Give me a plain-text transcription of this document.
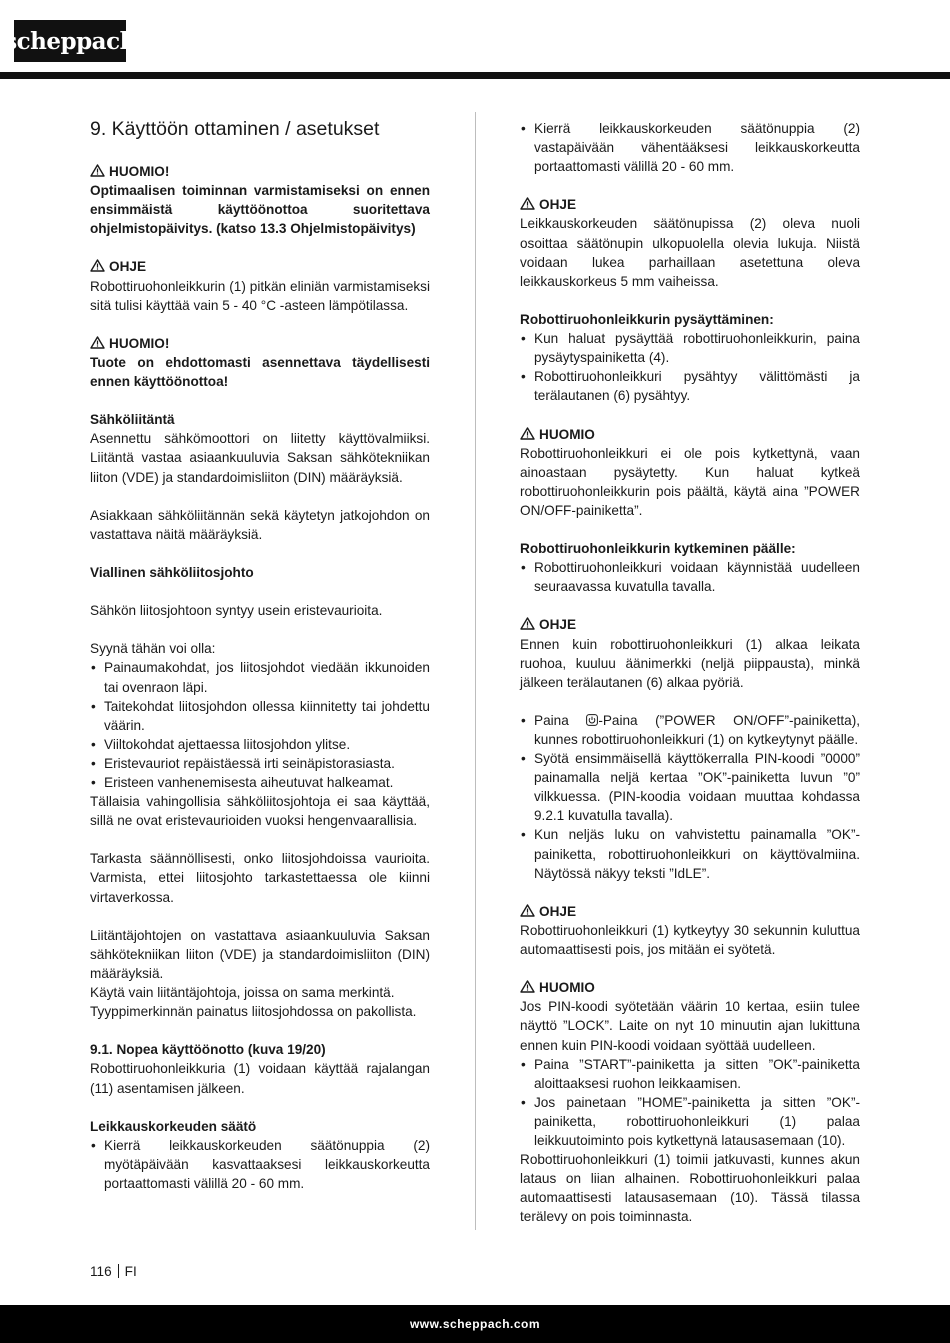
scheppach
9. Käyttöön ottaminen / asetukset

HUOMIO!

Optimaalisen toiminnan varmistamiseksi on ennen ensimmäistä käyttöönottoa suoritettava ohjelmistopäivitys. (katso 13.3 Ohjelmistopäivitys)

OHJE

Robottiruohonleikkurin (1) pitkän eliniän varmistamiseksi sitä tulisi käyttää vain 5 - 40 °C -asteen lämpötilassa.

HUOMIO!

Tuote on ehdottomasti asennettava täydellisesti ennen käyttöönottoa!

Sähköliitäntä

Asennettu sähkömoottori on liitetty käyttövalmiiksi. Liitäntä vastaa asiaankuuluvia Saksan sähkötekniikan liiton (VDE) ja standardoimisliiton (DIN) määräyksiä.

Asiakkaan sähköliitännän sekä käytetyn jatkojohdon on vastattava näitä määräyksiä.

Viallinen sähköliitosjohto

Sähkön liitosjohtoon syntyy usein eristevaurioita.

Syynä tähän voi olla:

• Painaumakohdat, jos liitosjohdot viedään ikkunoiden tai ovenraon läpi.
• Taitekohdat liitosjohdon ollessa kiinnitetty tai johdettu väärin.
• Viiltokohdat ajettaessa liitosjohdon ylitse.
• Eristevauriot repäistäessä irti seinäpistorasiasta.
• Eristeen vanhenemisesta aiheutuvat halkeamat.

Tällaisia vahingollisia sähköliitosjohtoja ei saa käyttää, sillä ne ovat eristevaurioiden vuoksi hengenvaarallisia.

Tarkasta säännöllisesti, onko liitosjohdoissa vaurioita. Varmista, ettei liitosjohto tarkastettaessa ole kiinni virtaverkossa.

Liitäntäjohtojen on vastattava asiaankuuluvia Saksan sähkötekniikan liiton (VDE) ja standardoimisliiton (DIN) määräyksiä.

Käytä vain liitäntäjohtoja, joissa on sama merkintä.

Tyyppimerkinnän painatus liitosjohdossa on pakollista.

9.1. Nopea käyttöönotto (kuva 19/20)

Robottiruohonleikkuria (1) voidaan käyttää rajalangan (11) asentamisen jälkeen.

Leikkauskorkeuden säätö

• Kierrä leikkauskorkeuden säätönuppia (2) myötäpäivään kasvattaaksesi leikkauskorkeutta portaattomasti välillä 20 - 60 mm.
• Kierrä leikkauskorkeuden säätönuppia (2) vastapäivään vähentääksesi leikkauskorkeutta portaattomasti välillä 20 - 60 mm.

OHJE

Leikkauskorkeuden säätönupissa (2) oleva nuoli osoittaa säätönupin ulkopuolella olevia lukuja. Niistä voidaan lukea parhaillaan asetettuna oleva leikkauskorkeus 5 mm vaiheissa.

Robottiruohonleikkurin pysäyttäminen:

• Kun haluat pysäyttää robottiruohonleikkurin, paina pysäytyspainiketta (4).
• Robottiruohonleikkuri pysähtyy välittömästi ja terälautanen (6) pysähtyy.

HUOMIO

Robottiruohonleikkuri ei ole pois kytkettynä, vaan ainoastaan pysäytetty. Kun haluat kytkeä robottiruohonleikkurin pois päältä, käytä aina ”POWER ON/OFF-painiketta”.

Robottiruohonleikkurin kytkeminen päälle:

• Robottiruohonleikkuri voidaan käynnistää uudelleen seuraavassa kuvatulla tavalla.

OHJE

Ennen kuin robottiruohonleikkuri (1) alkaa leikata ruohoa, kuuluu äänimerkki (neljä piippausta), minkä jälkeen terälautanen (6) alkaa pyöriä.

• Paina
-Paina (”POWER ON/OFF”-painiketta), kunnes robottiruohonleikkuri (1) on kytkeytynyt päälle.
• Syötä ensimmäisellä käyttökerralla PIN-koodi ”0000” painamalla neljä kertaa ”OK”-painiketta luvun ”0” vilkkuessa. (PIN-koodia voidaan muuttaa kohdassa 9.2.1 kuvatulla tavalla).
• Kun neljäs luku on vahvistettu painamalla ”OK”-painiketta, robottiruohonleikkuri on käyttövalmiina. Näytössä näkyy teksti ”IdLE”.

OHJE

Robottiruohonleikkuri (1) kytkeytyy 30 sekunnin kuluttua automaattisesti pois, jos mitään ei syötetä.

HUOMIO

Jos PIN-koodi syötetään väärin 10 kertaa, esiin tulee näyttö ”LOCK”. Laite on nyt 10 minuutin ajan lukittuna ennen kuin PIN-koodi voidaan syöttää uudelleen.

• Paina ”START”-painiketta ja sitten ”OK”-painiketta aloittaaksesi ruohon leikkaamisen.
• Jos painetaan ”HOME”-painiketta ja sitten ”OK”-painiketta, robottiruohonleikkuri (1) palaa leikkuutoiminto pois kytkettynä latausasemaan (10).

Robottiruohonleikkuri (1) toimii jatkuvasti, kunnes akun lataus on liian alhainen. Robottiruohonleikkuri palaa automaattisesti latausasemaan (10). Tässä tilassa terälevy on pois toiminnasta.

116 FI
www.scheppach.com
